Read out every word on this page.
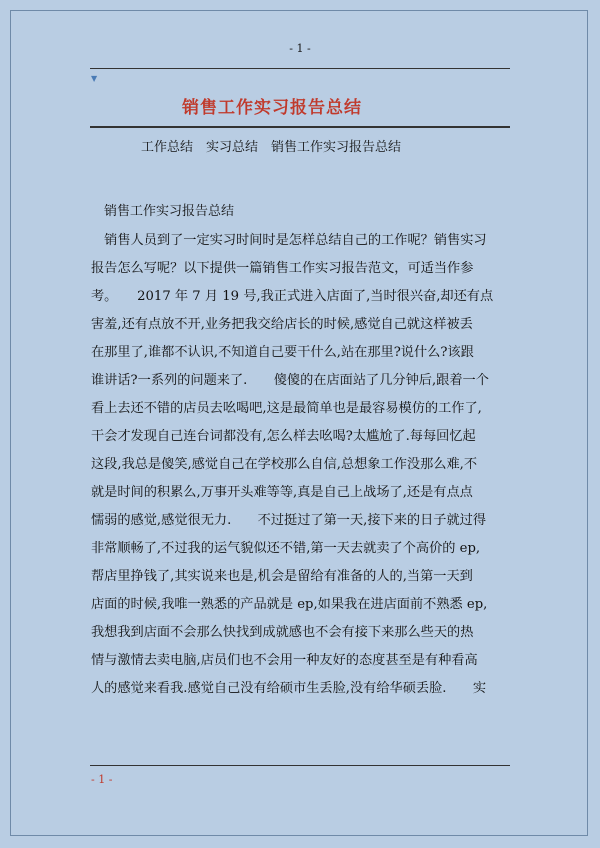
- 1 -
▼
销售工作实习报告总结
工作总结　实习总结　销售工作实习报告总结
销售工作实习报告总结
　销售人员到了一定实习时间时是怎样总结自己的工作呢？销售实习
报告怎么写呢？以下提供一篇销售工作实习报告范文，可适当作参
考。　　2017 年 7 月 19 号,我正式进入店面了,当时很兴奋,却还有点
害羞,还有点放不开,业务把我交给店长的时候,感觉自己就这样被丢
在那里了,谁都不认识,不知道自己要干什么,站在那里?说什么?该跟
谁讲话?一系列的问题来了.　　傻傻的在店面站了几分钟后,跟着一个
看上去还不错的店员去吆喝吧,这是最简单也是最容易模仿的工作了,
干会才发现自己连台词都没有,怎么样去吆喝?太尴尬了.每每回忆起
这段,我总是傻笑,感觉自己在学校那么自信,总想象工作没那么难,不
就是时间的积累么,万事开头难等等,真是自己上战场了,还是有点点
懦弱的感觉,感觉很无力.　　不过挺过了第一天,接下来的日子就过得
非常顺畅了,不过我的运气貌似还不错,第一天去就卖了个高价的 ep,
帮店里挣钱了,其实说来也是,机会是留给有准备的人的,当第一天到
店面的时候,我唯一熟悉的产品就是 ep,如果我在进店面前不熟悉 ep,
我想我到店面不会那么快找到成就感也不会有接下来那么些天的热
情与激情去卖电脑,店员们也不会用一种友好的态度甚至是有种看高
人的感觉来看我.感觉自己没有给硕市生丢脸,没有给华硕丢脸.　　实
- 1 -
